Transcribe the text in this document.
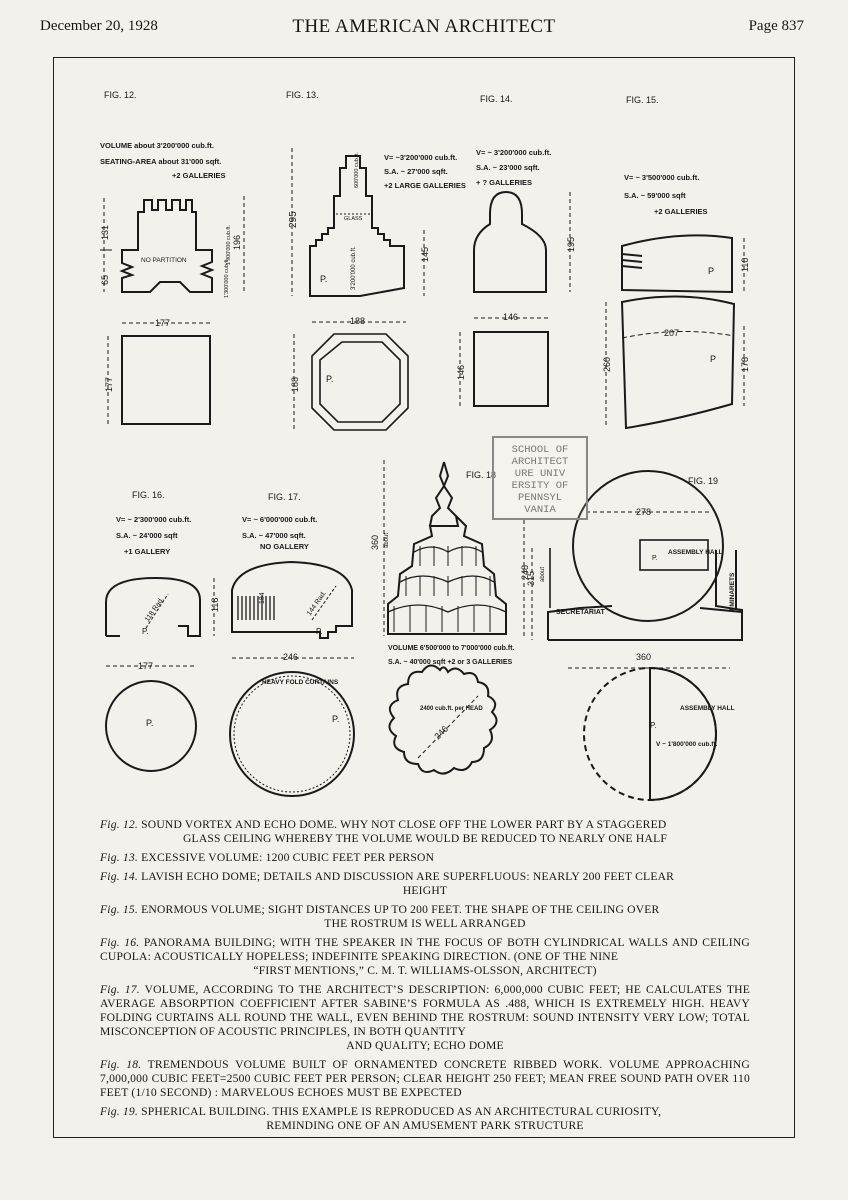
December 20, 1928	THE AMERICAN ARCHITECT	Page 837
FIG. 12.
VOLUME about 3'200'000 cub.ft.
SEATING-AREA about 31'000 sqft.
+2 GALLERIES
131
65
196
NO PARTITION	1'900'000 cub.ft.
1'300'000 cub.ft.
177
177
FIG. 13.
V= ~3'200'000 cub.ft.
S.A. ~ 27'000 sqft.
+2 LARGE GALLERIES
GLASS
600'000 cub.ft.
3'200'000 cub.ft.
P.
295
145
188
P.
188
FIG. 14.
V= ~ 3'200'000 cub.ft.
S.A. ~ 23'000 sqft.
+ ? GALLERIES
195
146
146
FIG. 15.
V= ~ 3'500'000 cub.ft.
S.A. ~ 59'000 sqft
+2 GALLERIES
P	110
207
P
260	178
FIG. 16.
V= ~ 2'300'000 cub.ft.
S.A. ~ 24'000 sqft
+1 GALLERY
118 Rad.
P.
118
177
P.
FIG. 17.
V= ~ 6'000'000 cub.ft.
S.A. ~ 47'000 sqft.
NO GALLERY
184	144 Rad.
P.
246
HEAVY FOLD CURTAINS
P.
FIG. 18
360 about
248
VOLUME 6'500'000 to 7'000'000 cub.ft.
S.A. ~ 40'000 sqft +2 or 3 GALLERIES
2400 cub.ft. per HEAD
246
FIG. 19
278
P.
ASSEMBLY HALL
315 about
SECRETARIAT
4 MINARETS
360
ASSEMBLY HALL
V ~ 1'800'000 cub.ft.
P.
SCHOOL OF
ARCHITECT
URE UNIV
ERSITY OF
PENNSYL
VANIA

Fig. 12. SOUND VORTEX AND ECHO DOME. WHY NOT CLOSE OFF THE LOWER PART BY A STAGGERED
GLASS CEILING WHEREBY THE VOLUME WOULD BE REDUCED TO NEARLY ONE HALF

Fig. 13. EXCESSIVE VOLUME: 1200 CUBIC FEET PER PERSON

Fig. 14. LAVISH ECHO DOME; DETAILS AND DISCUSSION ARE SUPERFLUOUS: NEARLY 200 FEET CLEAR
HEIGHT

Fig. 15. ENORMOUS VOLUME; SIGHT DISTANCES UP TO 200 FEET. THE SHAPE OF THE CEILING OVER
THE ROSTRUM IS WELL ARRANGED

Fig. 16. PANORAMA BUILDING; WITH THE SPEAKER IN THE FOCUS OF BOTH CYLINDRICAL WALLS AND CEILING CUPOLA: ACOUSTICALLY HOPELESS; INDEFINITE SPEAKING DIRECTION. (ONE OF THE NINE
“FIRST MENTIONS,” C. M. T. WILLIAMS-OLSSON, ARCHITECT)

Fig. 17. VOLUME, ACCORDING TO THE ARCHITECT’S DESCRIPTION: 6,000,000 CUBIC FEET; HE CALCULATES THE AVERAGE ABSORPTION COEFFICIENT AFTER SABINE’S FORMULA AS .488, WHICH IS EXTREMELY HIGH. HEAVY FOLDING CURTAINS ALL ROUND THE WALL, EVEN BEHIND THE ROSTRUM: SOUND INTENSITY VERY LOW; TOTAL MISCONCEPTION OF ACOUSTIC PRINCIPLES, IN BOTH QUANTITY
AND QUALITY; ECHO DOME

Fig. 18. TREMENDOUS VOLUME BUILT OF ORNAMENTED CONCRETE RIBBED WORK. VOLUME APPROACHING 7,000,000 CUBIC FEET=2500 CUBIC FEET PER PERSON; CLEAR HEIGHT 250 FEET; MEAN FREE SOUND PATH OVER 110 FEET (1/10 SECOND) : MARVELOUS ECHOES MUST BE EXPECTED

Fig. 19. SPHERICAL BUILDING. THIS EXAMPLE IS REPRODUCED AS AN ARCHITECTURAL CURIOSITY,
REMINDING ONE OF AN AMUSEMENT PARK STRUCTURE
